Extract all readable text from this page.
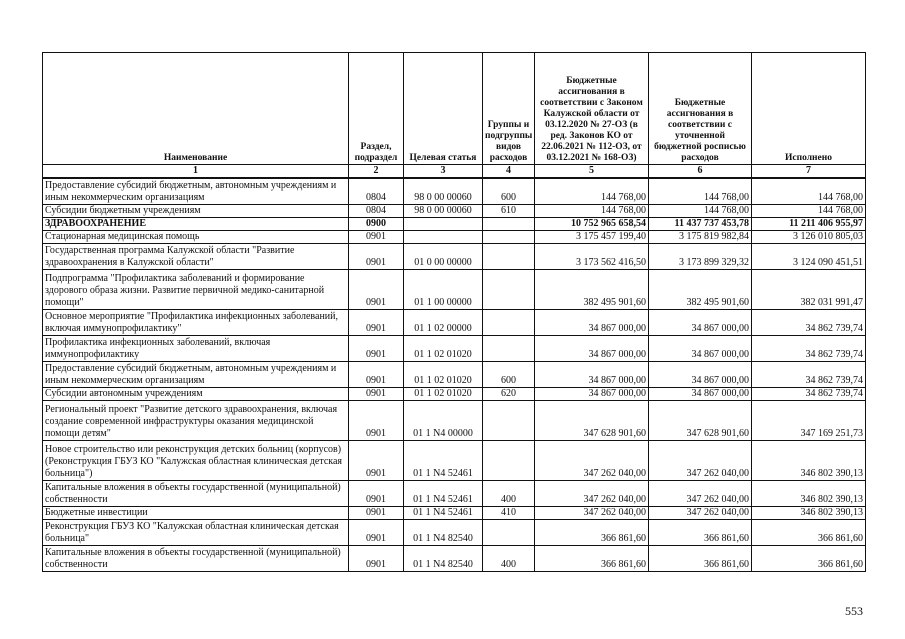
Наименование	Раздел, подраздел	Целевая статья	Группы и подгруппы видов расходов	Бюджетные ассигнования в соответствии с Законом Калужской области от 03.12.2020 № 27-ОЗ (в ред. Законов КО от 22.06.2021 № 112-ОЗ, от 03.12.2021 № 168-ОЗ)	Бюджетные ассигнования в соответствии с уточненной бюджетной росписью расходов	Исполнено
1	2	3	4	5	6	7
Предоставление субсидий бюджетным, автономным учреждениям и иным некоммерческим организациям	0804	98 0 00 00060	600	144 768,00	144 768,00	144 768,00
Субсидии бюджетным учреждениям	0804	98 0 00 00060	610	144 768,00	144 768,00	144 768,00
ЗДРАВООХРАНЕНИЕ	0900			10 752 965 658,54	11 437 737 453,78	11 211 406 955,97
Стационарная медицинская помощь	0901			3 175 457 199,40	3 175 819 982,84	3 126 010 805,03
Государственная программа Калужской области "Развитие здравоохранения в Калужской области"	0901	01 0 00 00000		3 173 562 416,50	3 173 899 329,32	3 124 090 451,51
Подпрограмма "Профилактика заболеваний и формирование здорового образа жизни. Развитие первичной медико-санитарной помощи"	0901	01 1 00 00000		382 495 901,60	382 495 901,60	382 031 991,47
Основное мероприятие "Профилактика инфекционных заболеваний, включая иммунопрофилактику"	0901	01 1 02 00000		34 867 000,00	34 867 000,00	34 862 739,74
Профилактика инфекционных заболеваний, включая иммунопрофилактику	0901	01 1 02 01020		34 867 000,00	34 867 000,00	34 862 739,74
Предоставление субсидий бюджетным, автономным учреждениям и иным некоммерческим организациям	0901	01 1 02 01020	600	34 867 000,00	34 867 000,00	34 862 739,74
Субсидии автономным учреждениям	0901	01 1 02 01020	620	34 867 000,00	34 867 000,00	34 862 739,74
Региональный проект "Развитие детского здравоохранения, включая создание современной инфраструктуры оказания медицинской помощи детям"	0901	01 1 N4 00000		347 628 901,60	347 628 901,60	347 169 251,73
Новое строительство или реконструкция детских больниц (корпусов) (Реконструкция ГБУЗ КО "Калужская областная клиническая детская больница")	0901	01 1 N4 52461		347 262 040,00	347 262 040,00	346 802 390,13
Капитальные вложения в объекты государственной (муниципальной) собственности	0901	01 1 N4 52461	400	347 262 040,00	347 262 040,00	346 802 390,13
Бюджетные инвестиции	0901	01 1 N4 52461	410	347 262 040,00	347 262 040,00	346 802 390,13
Реконструкция ГБУЗ КО "Калужская областная клиническая детская больница"	0901	01 1 N4 82540		366 861,60	366 861,60	366 861,60
Капитальные вложения в объекты государственной (муниципальной) собственности	0901	01 1 N4 82540	400	366 861,60	366 861,60	366 861,60
553
